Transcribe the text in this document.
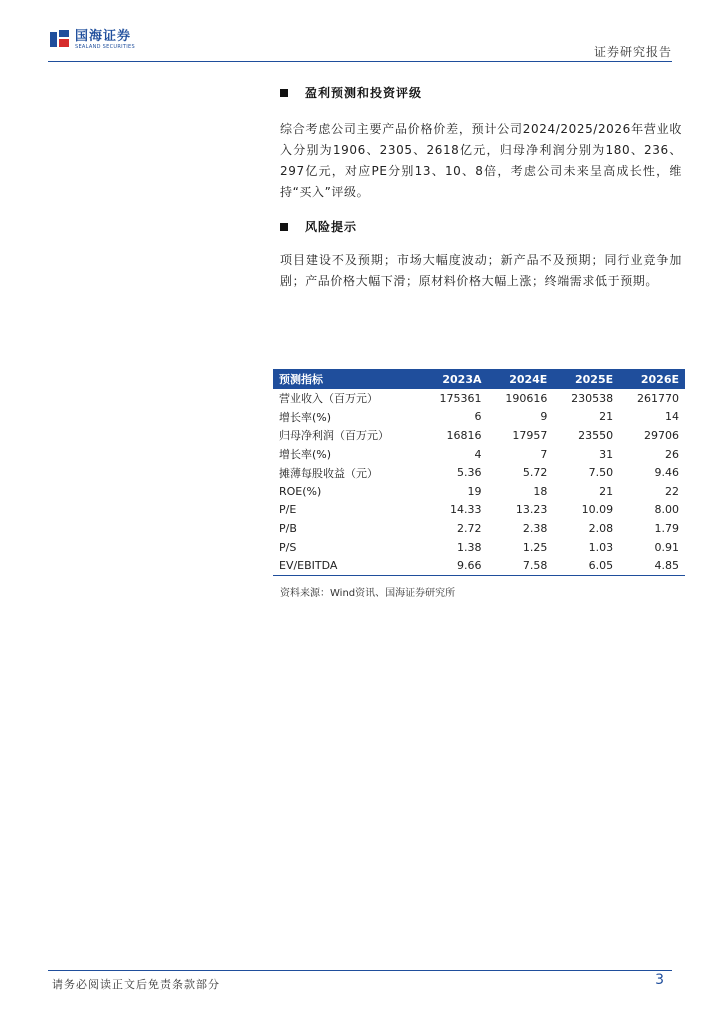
国海证券
SEALAND SECURITIES	证券研究报告
盈利预测和投资评级
综合考虑公司主要产品价格价差，预计公司2024/2025/2026年营业收入分别为1906、2305、2618亿元，归母净利润分别为180、236、297亿元，对应PE分别13、10、8倍，考虑公司未来呈高成长性，维持“买入”评级。
风险提示
项目建设不及预期；市场大幅度波动；新产品不及预期；同行业竞争加剧；产品价格大幅下滑；原材料价格大幅上涨；终端需求低于预期。
预测指标	2023A	2024E	2025E	2026E
营业收入（百万元）	175361	190616	230538	261770
增长率(%)	6	9	21	14
归母净利润（百万元）	16816	17957	23550	29706
增长率(%)	4	7	31	26
摊薄每股收益（元）	5.36	5.72	7.50	9.46
ROE(%)	19	18	21	22
P/E	14.33	13.23	10.09	8.00
P/B	2.72	2.38	2.08	1.79
P/S	1.38	1.25	1.03	0.91
EV/EBITDA	9.66	7.58	6.05	4.85
资料来源：Wind资讯、国海证券研究所
请务必阅读正文后免责条款部分	3
